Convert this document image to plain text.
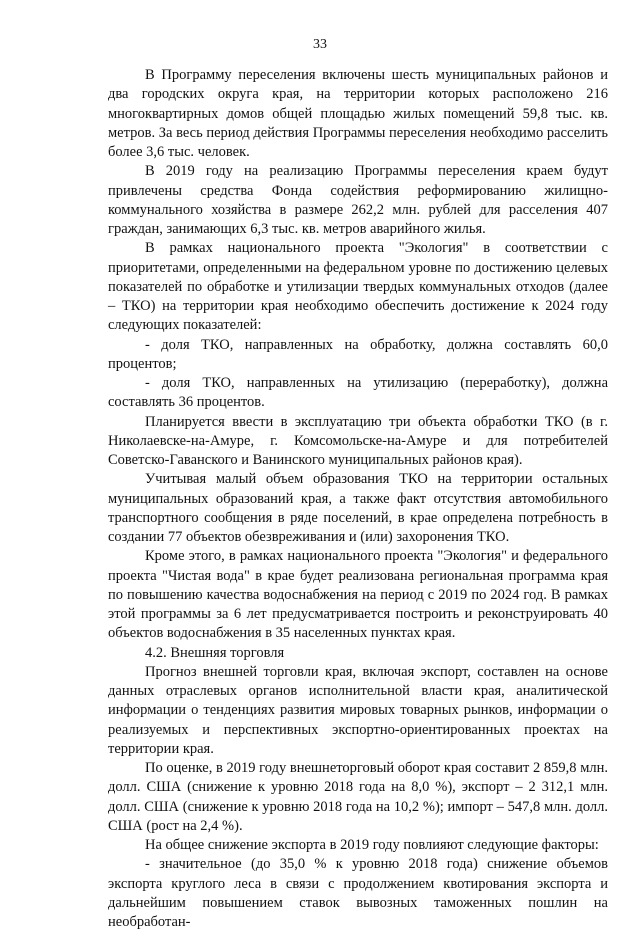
33

В Программу переселения включены шесть муниципальных районов и два городских округа края, на территории которых расположено 216 многоквартирных домов общей площадью жилых помещений 59,8 тыс. кв. метров. За весь период действия Программы переселения необходимо расселить более 3,6 тыс. человек.

В 2019 году на реализацию Программы переселения краем будут привлечены средства Фонда содействия реформированию жилищно-коммунального хозяйства в размере 262,2 млн. рублей для расселения 407 граждан, занимающих 6,3 тыс. кв. метров аварийного жилья.

В рамках национального проекта "Экология" в соответствии с приоритетами, определенными на федеральном уровне по достижению целевых показателей по обработке и утилизации твердых коммунальных отходов (далее – ТКО) на территории края необходимо обеспечить достижение к 2024 году следующих показателей:

- доля ТКО, направленных на обработку, должна составлять 60,0 процентов;

- доля ТКО, направленных на утилизацию (переработку), должна составлять 36 процентов.

Планируется ввести в эксплуатацию три объекта обработки ТКО (в г. Николаевске-на-Амуре, г. Комсомольске-на-Амуре и для потребителей Советско-Гаванского и Ванинского муниципальных районов края).

Учитывая малый объем образования ТКО на территории остальных муниципальных образований края, а также факт отсутствия автомобильного транспортного сообщения в ряде поселений, в крае определена потребность в создании 77 объектов обезвреживания и (или) захоронения ТКО.

Кроме этого, в рамках национального проекта "Экология" и федерального проекта "Чистая вода" в крае будет реализована региональная программа края по повышению качества водоснабжения на период с 2019 по 2024 год. В рамках этой программы за 6 лет предусматривается построить и реконструировать 40 объектов водоснабжения в 35 населенных пунктах края.

4.2. Внешняя торговля

Прогноз внешней торговли края, включая экспорт, составлен на основе данных отраслевых органов исполнительной власти края, аналитической информации о тенденциях развития мировых товарных рынков, информации о реализуемых и перспективных экспортно-ориентированных проектах на территории края.

По оценке, в 2019 году внешнеторговый оборот края составит 2 859,8 млн. долл. США (снижение к уровню 2018 года на 8,0 %), экспорт – 2 312,1 млн. долл. США (снижение к уровню 2018 года на 10,2 %); импорт – 547,8 млн. долл. США (рост на 2,4 %).

На общее снижение экспорта в 2019 году повлияют следующие факторы:

- значительное (до 35,0 % к уровню 2018 года) снижение объемов экспорта круглого леса в связи с продолжением квотирования экспорта и дальнейшим повышением ставок вывозных таможенных пошлин на необработан-
